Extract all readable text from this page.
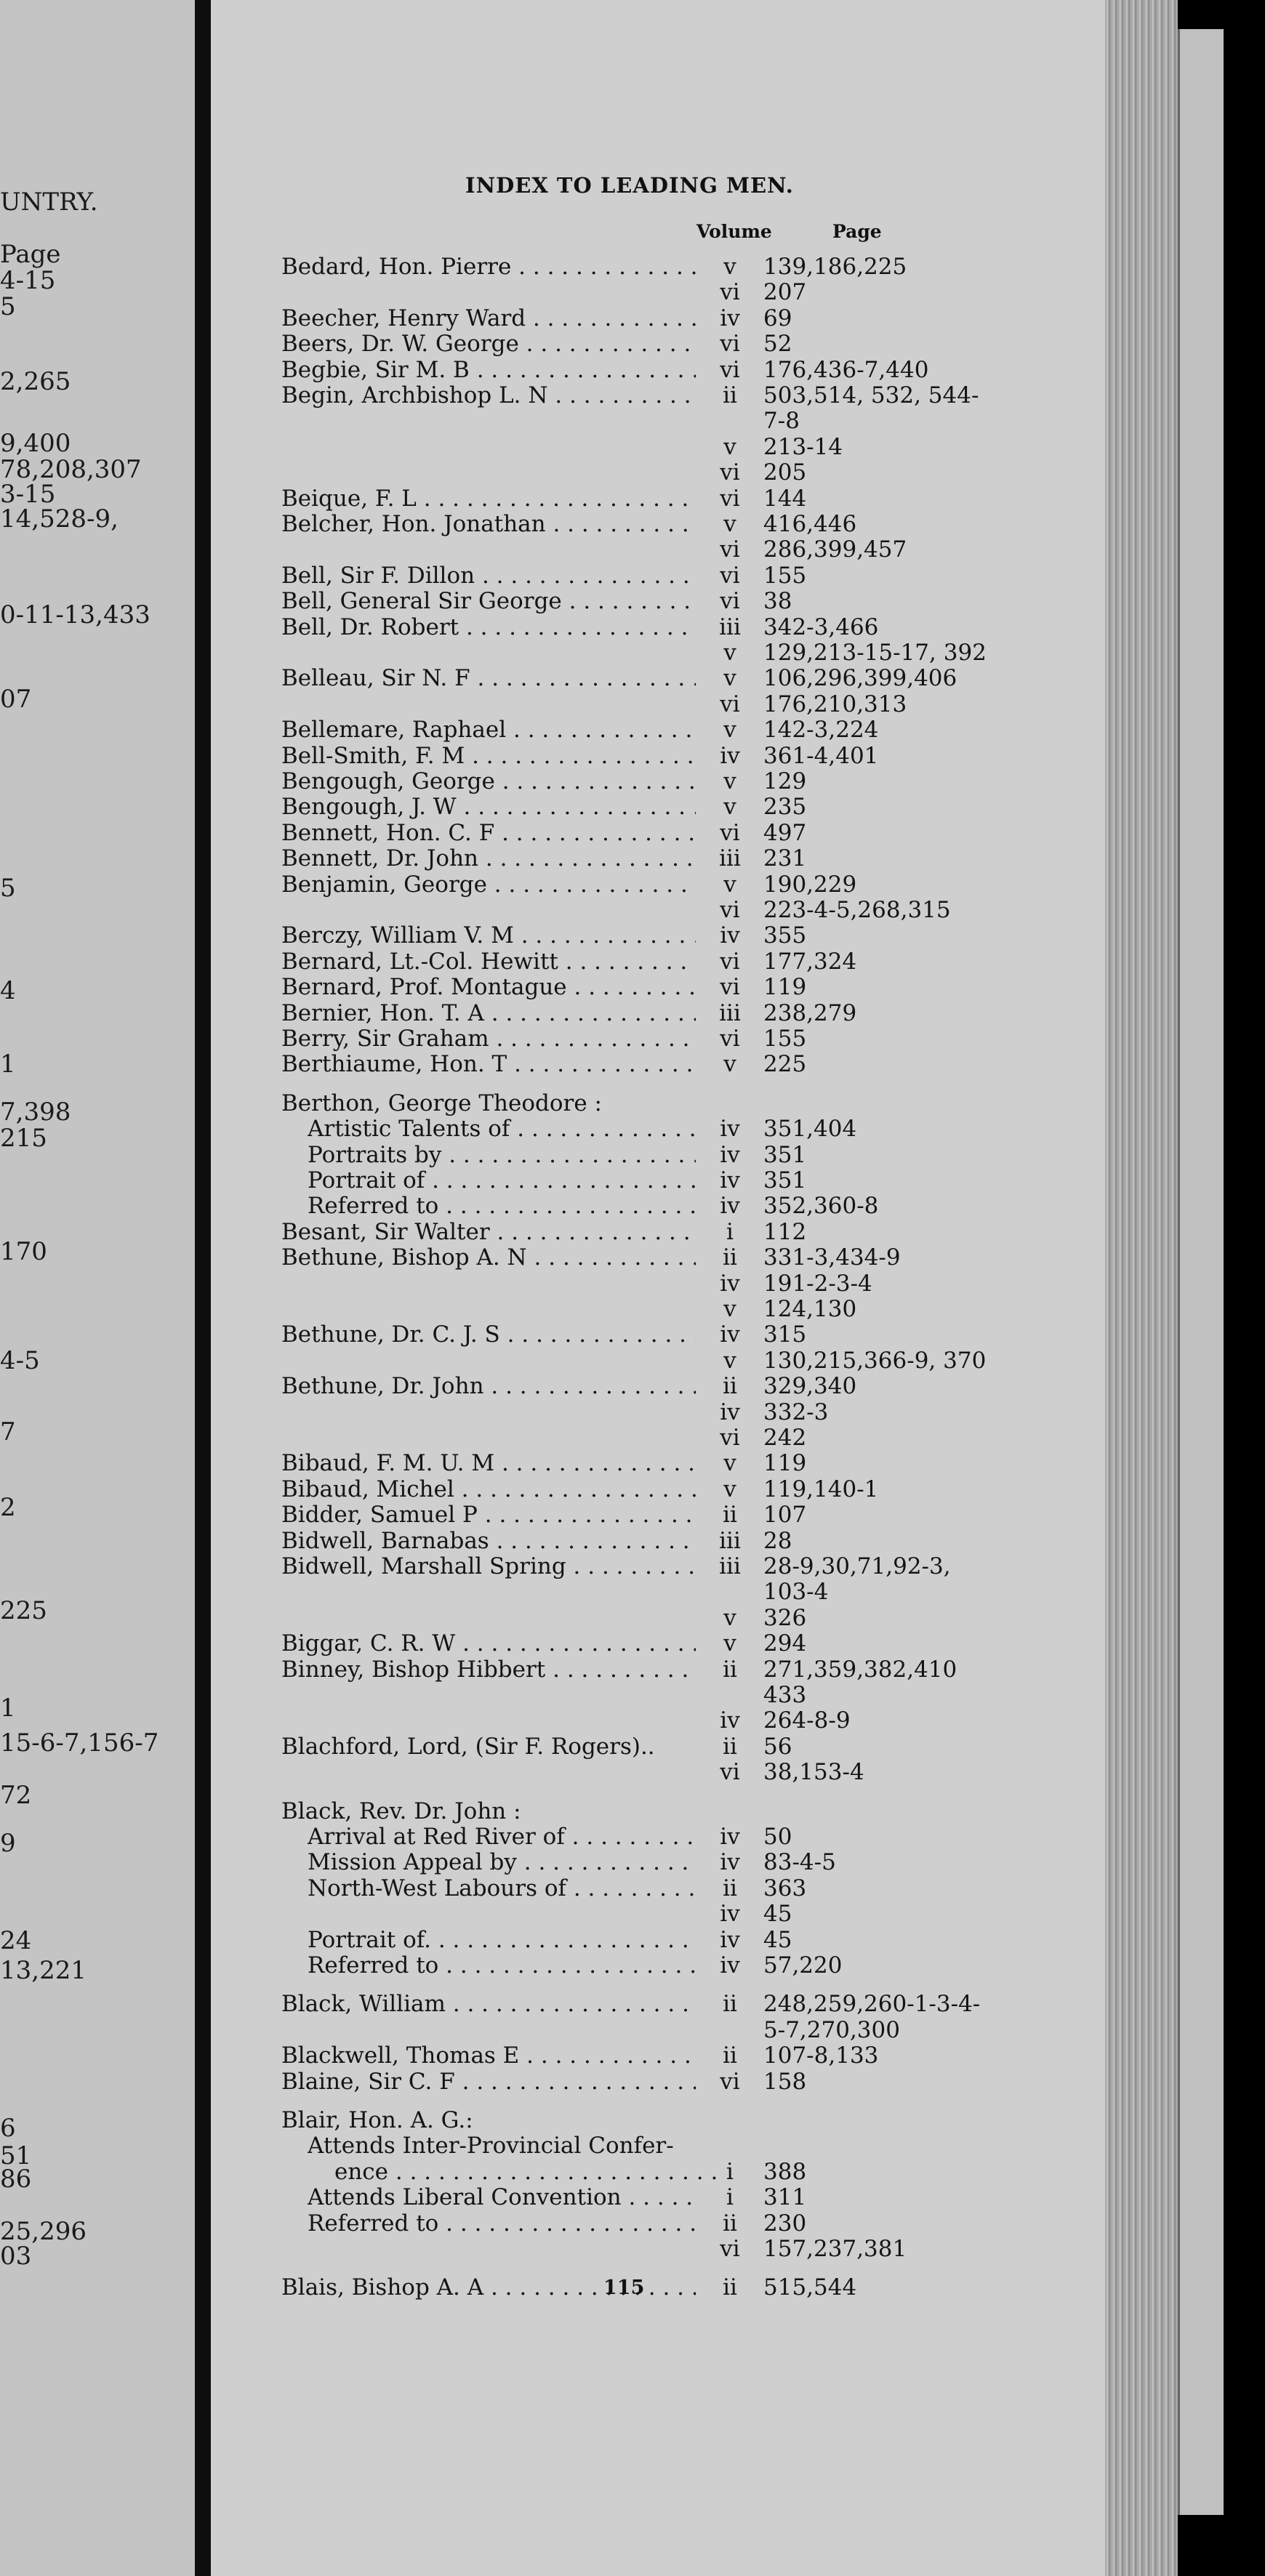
UNTRY.
Page
4-15
5
2,265
9,400
78,208,307
3-15
14,528-9,
0-11-13,433
07
5
4
1
7,398
215
170
4-5
7
2
225
1
15-6-7,156-7
72
9
24
13,221
6
51
86
25,296
03
INDEX TO LEADING MEN.
Volume	Page
Bedard, Hon. Pierre . . .	v	139,186,225
vi	207
Beecher, Henry Ward . . .	iv	69
Beers, Dr. W. George . . .	vi	52
Begbie, Sir M. B . . .	vi	176,436-7,440
Begin, Archbishop L. N . . .	ii	503,514, 532, 544-
7-8
v	213-14
vi	205
Beique, F. L . . .	vi	144
Belcher, Hon. Jonathan . . .	v	416,446
vi	286,399,457
Bell, Sir F. Dillon . . .	vi	155
Bell, General Sir George . . .	vi	38
Bell, Dr. Robert . . .	iii	342-3,466
v	129,213-15-17, 392
Belleau, Sir N. F . . .	v	106,296,399,406
vi	176,210,313
Bellemare, Raphael . . .	v	142-3,224
Bell-Smith, F. M . . .	iv	361-4,401
Bengough, George . . .	v	129
Bengough, J. W . . .	v	235
Bennett, Hon. C. F . . .	vi	497
Bennett, Dr. John . . .	iii	231
Benjamin, George . . .	v	190,229
vi	223-4-5,268,315
Berczy, William V. M . . .	iv	355
Bernard, Lt.-Col. Hewitt . . .	vi	177,324
Bernard, Prof. Montague . . .	vi	119
Bernier, Hon. T. A . . .	iii	238,279
Berry, Sir Graham . . .	vi	155
Berthiaume, Hon. T . . .	v	225
Berthon, George Theodore :
Artistic Talents of . . .	iv	351,404
Portraits by . . .	iv	351
Portrait of . . .	iv	351
Referred to . . .	iv	352,360-8
Besant, Sir Walter . . .	i	112
Bethune, Bishop A. N . . .	ii	331-3,434-9
iv	191-2-3-4
v	124,130
Bethune, Dr. C. J. S . . .	iv	315
v	130,215,366-9, 370
Bethune, Dr. John . . .	ii	329,340
iv	332-3
vi	242
Bibaud, F. M. U. M . . .	v	119
Bibaud, Michel . . .	v	119,140-1
Bidder, Samuel P . . .	ii	107
Bidwell, Barnabas . . .	iii	28
Bidwell, Marshall Spring . . .	iii	28-9,30,71,92-3,
103-4
v	326
Biggar, C. R. W . . .	v	294
Binney, Bishop Hibbert . . .	ii	271,359,382,410
433
iv	264-8-9
Blachford, Lord, (Sir F. Rogers)..	ii	56
vi	38,153-4
Black, Rev. Dr. John :
Arrival at Red River of . . .	iv	50
Mission Appeal by . . .	iv	83-4-5
North-West Labours of . . .	ii	363
iv	45
Portrait of. . . .	iv	45
Referred to . . .	iv	57,220
Black, William . . .	ii	248,259,260-1-3-4-
5-7,270,300
Blackwell, Thomas E . . .	ii	107-8,133
Blaine, Sir C. F . . .	vi	158
Blair, Hon. A. G.:
Attends Inter-Provincial Confer-
ence . . .	i	388
Attends Liberal Convention . . .	i	311
Referred to . . .	ii	230
vi	157,237,381
Blais, Bishop A. A . . .	ii	515,544
115
